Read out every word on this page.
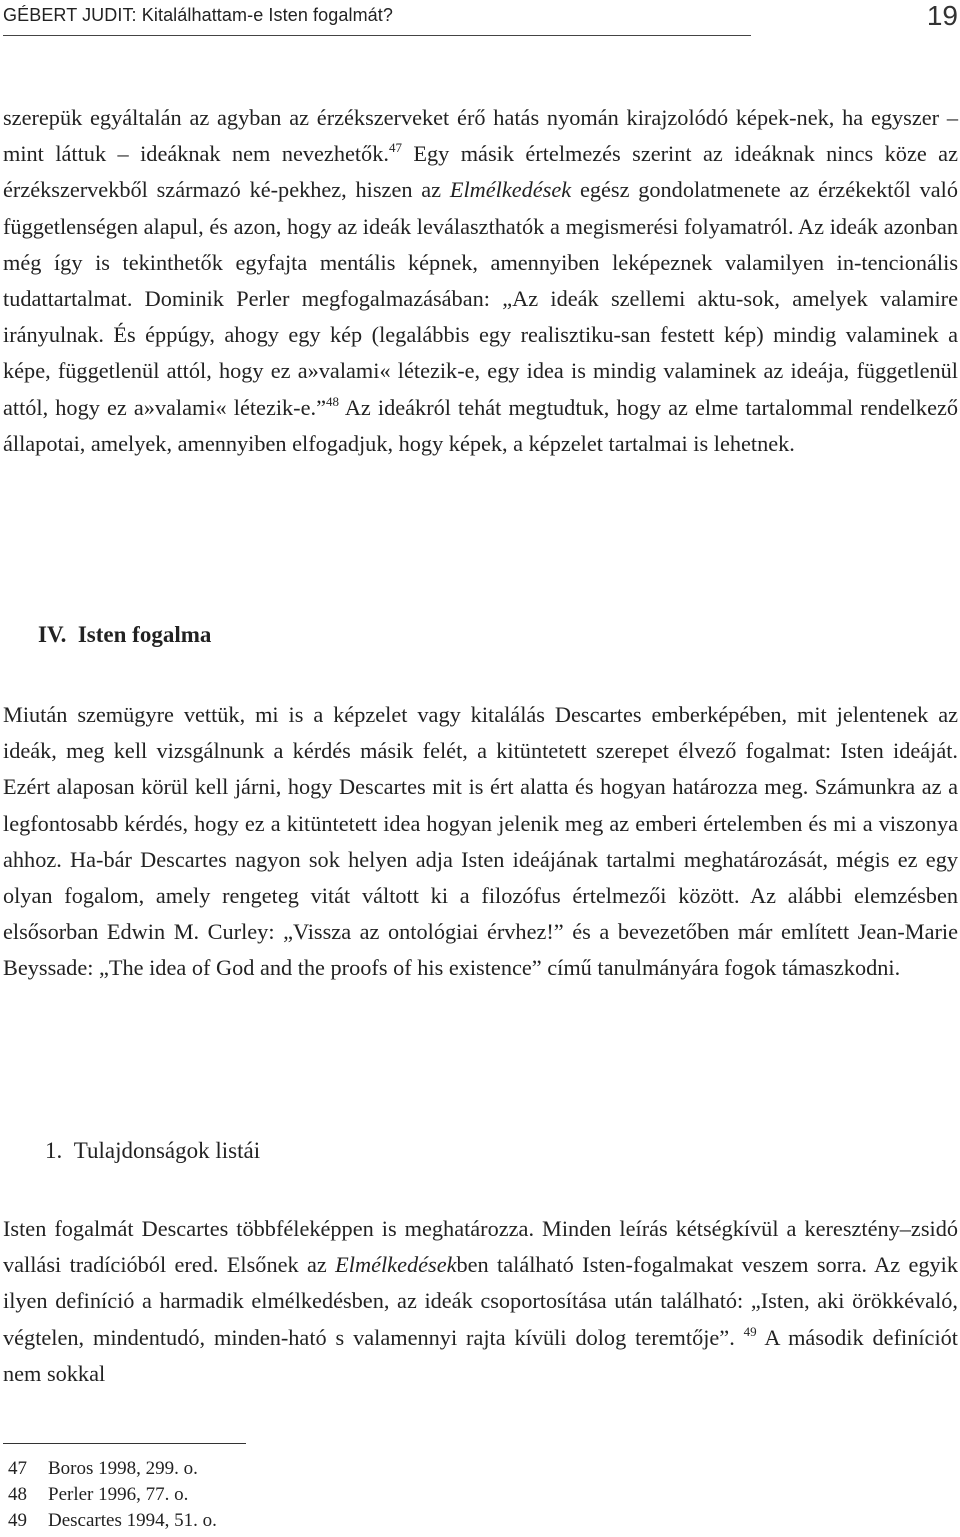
GÉBERT JUDIT: Kitalálhattam-e Isten fogalmát?	19

szerepük egyáltalán az agyban az érzékszerveket érő hatás nyomán kirajzolódó képek-nek, ha egyszer – mint láttuk – ideáknak nem nevezhetők.$^{47}$ Egy másik értelmezés szerint az ideáknak nincs köze az érzékszervekből származó ké-pekhez, hiszen az Elmélkedések egész gondolatmenete az érzékektől való függetlenségen alapul, és azon, hogy az ideák leválaszthatók a megismerési folyamatról. Az ideák azonban még így is tekinthetők egyfajta mentális képnek, amennyiben leképeznek valamilyen in-tencionális tudattartalmat. Dominik Perler megfogalmazásában: „Az ideák szellemi aktu-sok, amelyek valamire irányulnak. És éppúgy, ahogy egy kép (legalábbis egy realisztiku-san festett kép) mindig valaminek a képe, függetlenül attól, hogy ez a»valami« létezik-e, egy idea is mindig valaminek az ideája, függetlenül attól, hogy ez a»valami« létezik-e.”$^{48}$ Az ideákról tehát megtudtuk, hogy az elme tartalommal rendelkező állapotai, amelyek, amennyiben elfogadjuk, hogy képek, a képzelet tartalmai is lehetnek.

IV. Isten fogalma

Miután szemügyre vettük, mi is a képzelet vagy kitalálás Descartes emberképében, mit jelentenek az ideák, meg kell vizsgálnunk a kérdés másik felét, a kitüntetett szerepet élvező fogalmat: Isten ideáját. Ezért alaposan körül kell járni, hogy Descartes mit is ért alatta és hogyan határozza meg. Számunkra az a legfontosabb kérdés, hogy ez a kitüntetett idea hogyan jelenik meg az emberi értelemben és mi a viszonya ahhoz. Ha-bár Descartes nagyon sok helyen adja Isten ideájának tartalmi meghatározását, mégis ez egy olyan fogalom, amely rengeteg vitát váltott ki a filozófus értelmezői között. Az alábbi elemzésben elsősorban Edwin M. Curley: „Vissza az ontológiai érvhez!” és a bevezetőben már említett Jean-Marie Beyssade: „The idea of God and the proofs of his existence” című tanulmányára fogok támaszkodni.

1. Tulajdonságok listái

Isten fogalmát Descartes többféleképpen is meghatározza. Minden leírás kétségkívül a keresztény–zsidó vallási tradícióból ered. Elsőnek az Elmélkedésekben található Isten-fogalmakat veszem sorra. Az egyik ilyen definíció a harmadik elmélkedésben, az ideák csoportosítása után található: „Isten, aki örökkévaló, végtelen, mindentudó, minden-ható s valamennyi rajta kívüli dolog teremtője”. $^{49}$ A második definíciót nem sokkal

47 Boros 1998, 299. o.
48 Perler 1996, 77. o.
49 Descartes 1994, 51. o.
